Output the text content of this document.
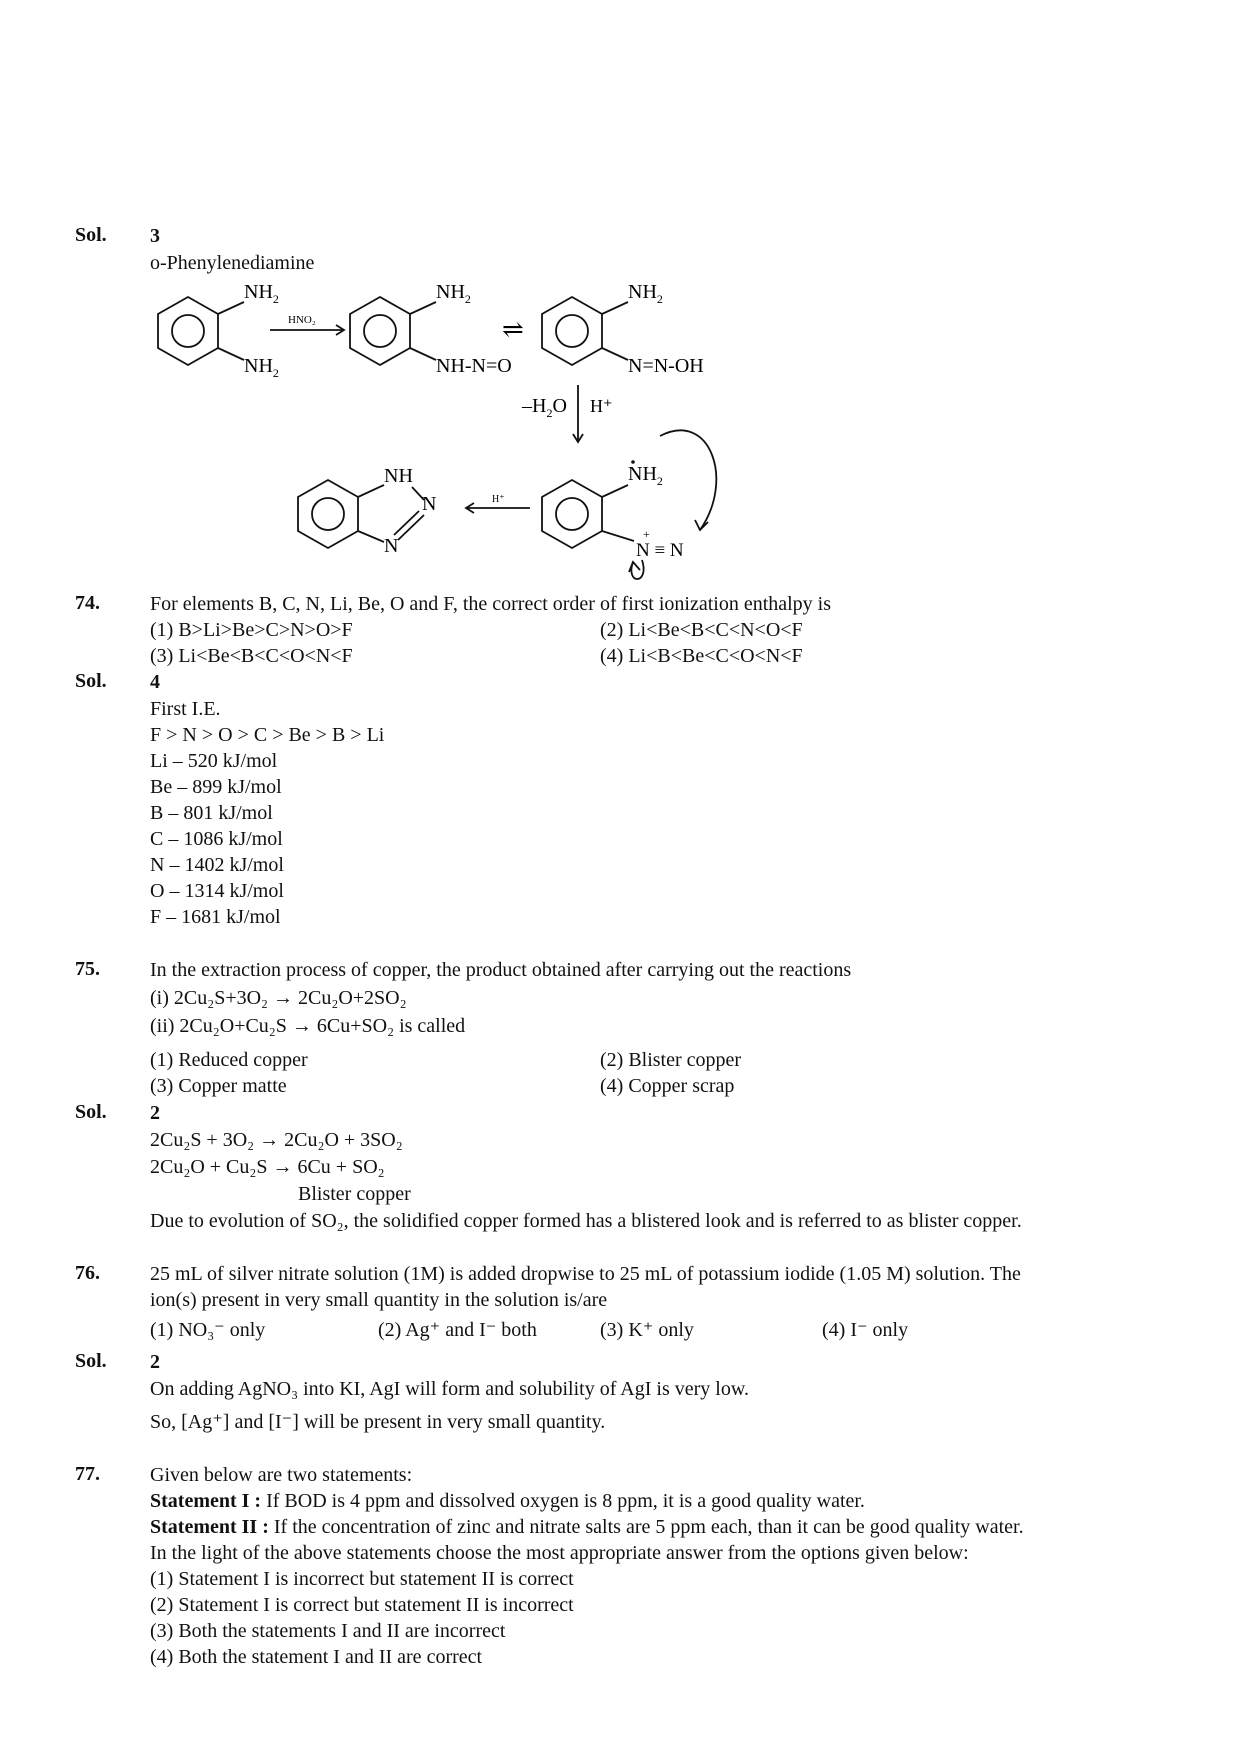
Sol. 3
o-Phenylenediamine
⇌
$NH_2$
$NH_2$
HNO₂
$NH_2$
NH-N=O
$NH_2$
N=N-OH
$-H_2O$ H⁺
NH
N
N
H⁺
$NH_2$
+
N ≡ N
74.	For elements B, C, N, Li, Be, O and F, the correct order of first ionization enthalpy is
(1) B>Li>Be>C>N>O>F	(2) Li<Be<B<C<N<O<F
(3) Li<Be<B<C<O<N<F	(4) Li<B<Be<C<O<N<F
Sol. 4
First I.E.
F > N > O > C > Be > B > Li
Li – 520 kJ/mol
Be – 899 kJ/mol
B – 801 kJ/mol
C – 1086 kJ/mol
N – 1402 kJ/mol
O – 1314 kJ/mol
F – 1681 kJ/mol
75.	In the extraction process of copper, the product obtained after carrying out the reactions
(i) 2Cu₂S+3O₂ → 2Cu₂O+2SO₂
(ii) 2Cu₂O+Cu₂S → 6Cu+SO₂ is called
(1) Reduced copper	(2) Blister copper
(3) Copper matte	(4) Copper scrap
Sol. 2
2Cu₂S + 3O₂ → 2Cu₂O + 3SO₂
2Cu₂O + Cu₂S → 6Cu + SO₂
Blister copper
Due to evolution of SO₂, the solidified copper formed has a blistered look and is referred to as blister copper.
76.	25 mL of silver nitrate solution (1M) is added dropwise to 25 mL of potassium iodide (1.05 M) solution. The
ion(s) present in very small quantity in the solution is/are
(1) NO₃⁻ only	(2) Ag⁺ and I⁻ both	(3) K⁺ only	(4) I⁻ only
Sol. 2
On adding AgNO₃ into KI, AgI will form and solubility of AgI is very low.
So, [Ag⁺] and [I⁻] will be present in very small quantity.
77.	Given below are two statements:
Statement I : If BOD is 4 ppm and dissolved oxygen is 8 ppm, it is a good quality water.
Statement II : If the concentration of zinc and nitrate salts are 5 ppm each, than it can be good quality water.
In the light of the above statements choose the most appropriate answer from the options given below:
(1) Statement I is incorrect but statement II is correct
(2) Statement I is correct but statement II is incorrect
(3) Both the statements I and II are incorrect
(4) Both the statement I and II are correct
